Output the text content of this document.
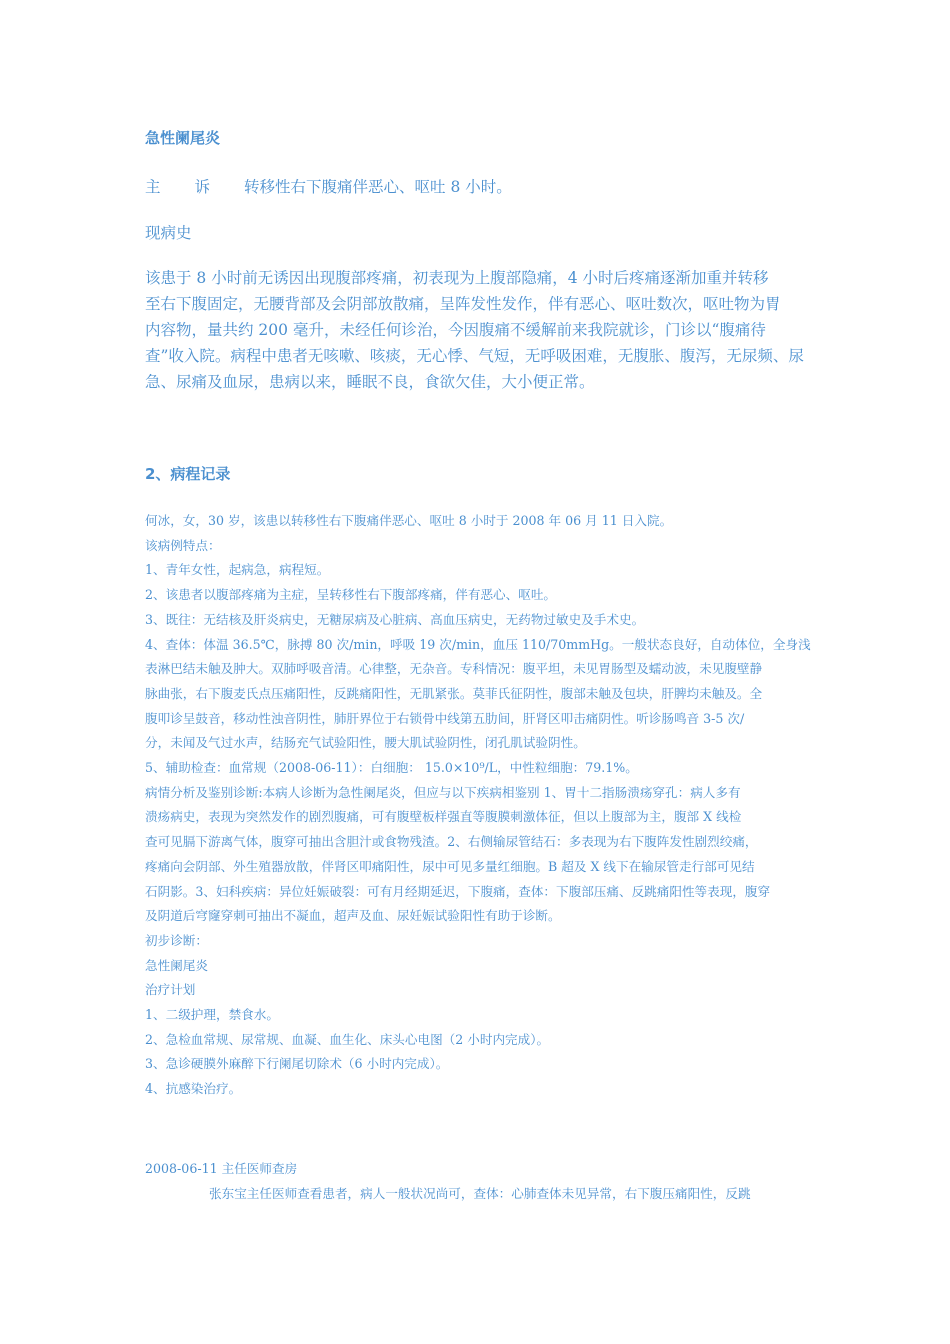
急性阑尾炎
主 诉 转移性右下腹痛伴恶心、呕吐 8 小时。
现病史
该患于 8 小时前无诱因出现腹部疼痛，初表现为上腹部隐痛，4 小时后疼痛逐渐加重并转移
至右下腹固定，无腰背部及会阴部放散痛，呈阵发性发作，伴有恶心、呕吐数次，呕吐物为胃
内容物，量共约 200 毫升，未经任何诊治，今因腹痛不缓解前来我院就诊，门诊以“腹痛待
查”收入院。病程中患者无咳嗽、咳痰，无心悸、气短，无呼吸困难，无腹胀、腹泻，无尿频、尿
急、尿痛及血尿，患病以来，睡眠不良，食欲欠佳，大小便正常。
2、病程记录
何冰，女，30 岁，该患以转移性右下腹痛伴恶心、呕吐 8 小时于 2008 年 06 月 11 日入院。
该病例特点：
1、青年女性，起病急，病程短。
2、该患者以腹部疼痛为主症，呈转移性右下腹部疼痛，伴有恶心、呕吐。
3、既往：无结核及肝炎病史，无糖尿病及心脏病、高血压病史，无药物过敏史及手术史。
4、查体：体温 36.5℃，脉搏 80 次/min，呼吸 19 次/min，血压 110/70mmHg。一般状态良好，自动体位，全身浅
表淋巴结未触及肿大。双肺呼吸音清。心律整，无杂音。专科情况：腹平坦，未见胃肠型及蠕动波，未见腹壁静
脉曲张，右下腹麦氏点压痛阳性，反跳痛阳性，无肌紧张。莫菲氏征阴性，腹部未触及包块，肝脾均未触及。全
腹叩诊呈鼓音，移动性浊音阴性，肺肝界位于右锁骨中线第五肋间，肝肾区叩击痛阴性。听诊肠鸣音 3-5 次/
分，未闻及气过水声，结肠充气试验阳性，腰大肌试验阴性，闭孔肌试验阴性。
5、辅助检查：血常规（2008-06-11）：白细胞： 15.0×10⁹/L，中性粒细胞：79.1%。
病情分析及鉴别诊断:本病人诊断为急性阑尾炎，但应与以下疾病相鉴别 1、胃十二指肠溃疡穿孔：病人多有
溃疡病史，表现为突然发作的剧烈腹痛，可有腹壁板样强直等腹膜刺激体征，但以上腹部为主，腹部 X 线检
查可见膈下游离气体，腹穿可抽出含胆汁或食物残渣。2、右侧输尿管结石：多表现为右下腹阵发性剧烈绞痛，
疼痛向会阴部、外生殖器放散，伴肾区叩痛阳性，尿中可见多量红细胞。B 超及 X 线下在输尿管走行部可见结
石阴影。3、妇科疾病：异位妊娠破裂：可有月经期延迟，下腹痛，查体：下腹部压痛、反跳痛阳性等表现，腹穿
及阴道后穹窿穿刺可抽出不凝血，超声及血、尿妊娠试验阳性有助于诊断。
初步诊断：
急性阑尾炎
治疗计划
1、二级护理，禁食水。
2、急检血常规、尿常规、血凝、血生化、床头心电图（2 小时内完成）。
3、急诊硬膜外麻醉下行阑尾切除术（6 小时内完成）。
4、抗感染治疗。
2008-06-11 主任医师查房
张东宝主任医师查看患者，病人一般状况尚可，查体：心肺查体未见异常，右下腹压痛阳性，反跳
